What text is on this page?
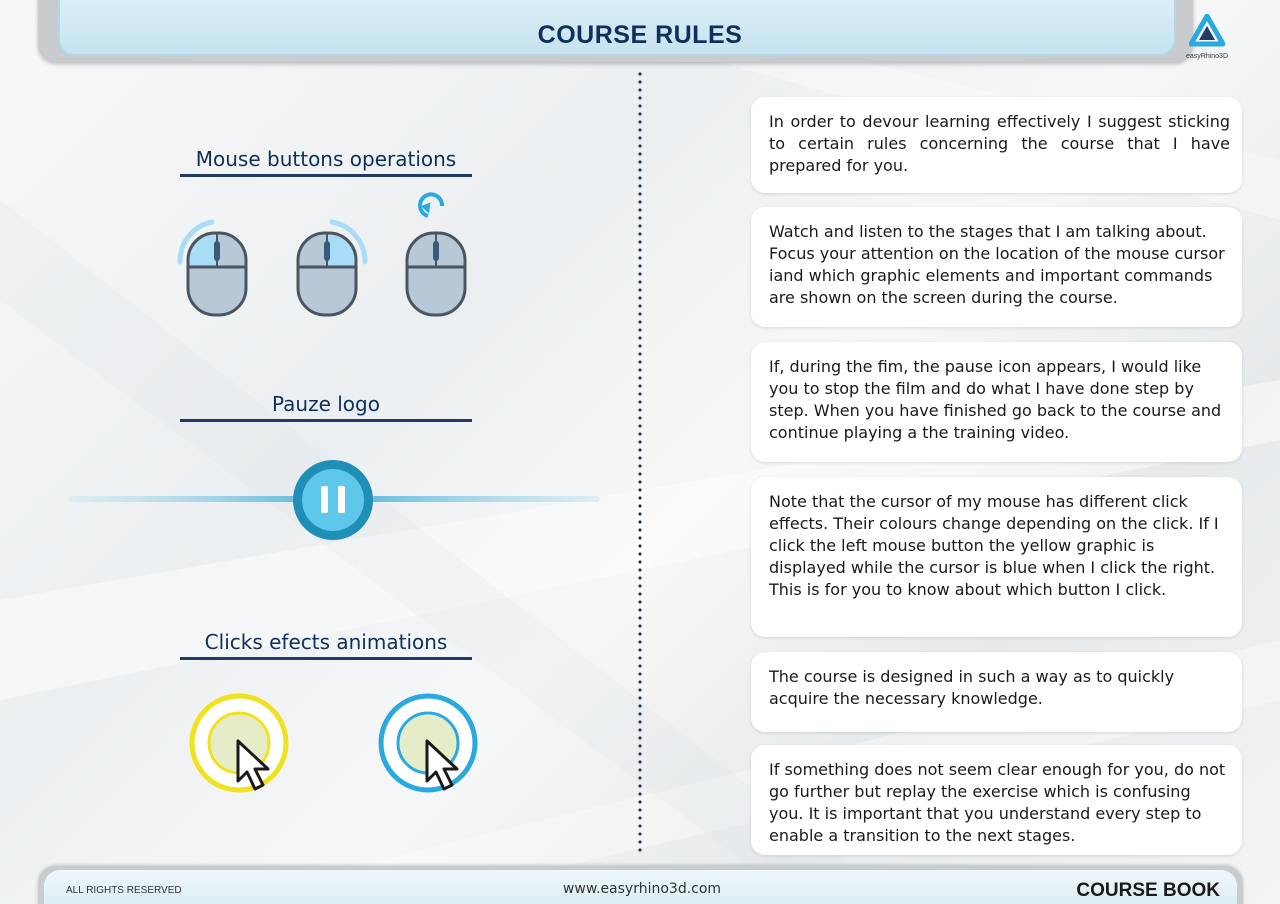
COURSE RULES
easyRhino3D
Mouse buttons operations
Pauze logo
Clicks efects animations
In order to devour learning effectively I suggest sticking to certain rules concerning the course that I have prepared for you.
Watch and listen to the stages that I am talking about. Focus your attention on the location of the mouse cursor iand which graphic elements and important commands are shown on the screen during the course.
If, during the fim, the pause icon appears, I would like you to stop the film and do what I have done step by step. When you have finished go back to the course and continue playing a the training video.
Note that the cursor of my mouse has different click effects. Their colours change depending on the click. If I click the left mouse button the yellow graphic is displayed while the cursor is blue when I click the right. This is for you to know about which button I click.
The course is designed in such a way as to quickly acquire the necessary knowledge.
If something does not seem clear enough for you, do not go further but replay the exercise which is confusing you. It is important that you understand every step to enable a transition to the next stages.
ALL RIGHTS RESERVED	www.easyrhino3d.com	COURSE BOOK
